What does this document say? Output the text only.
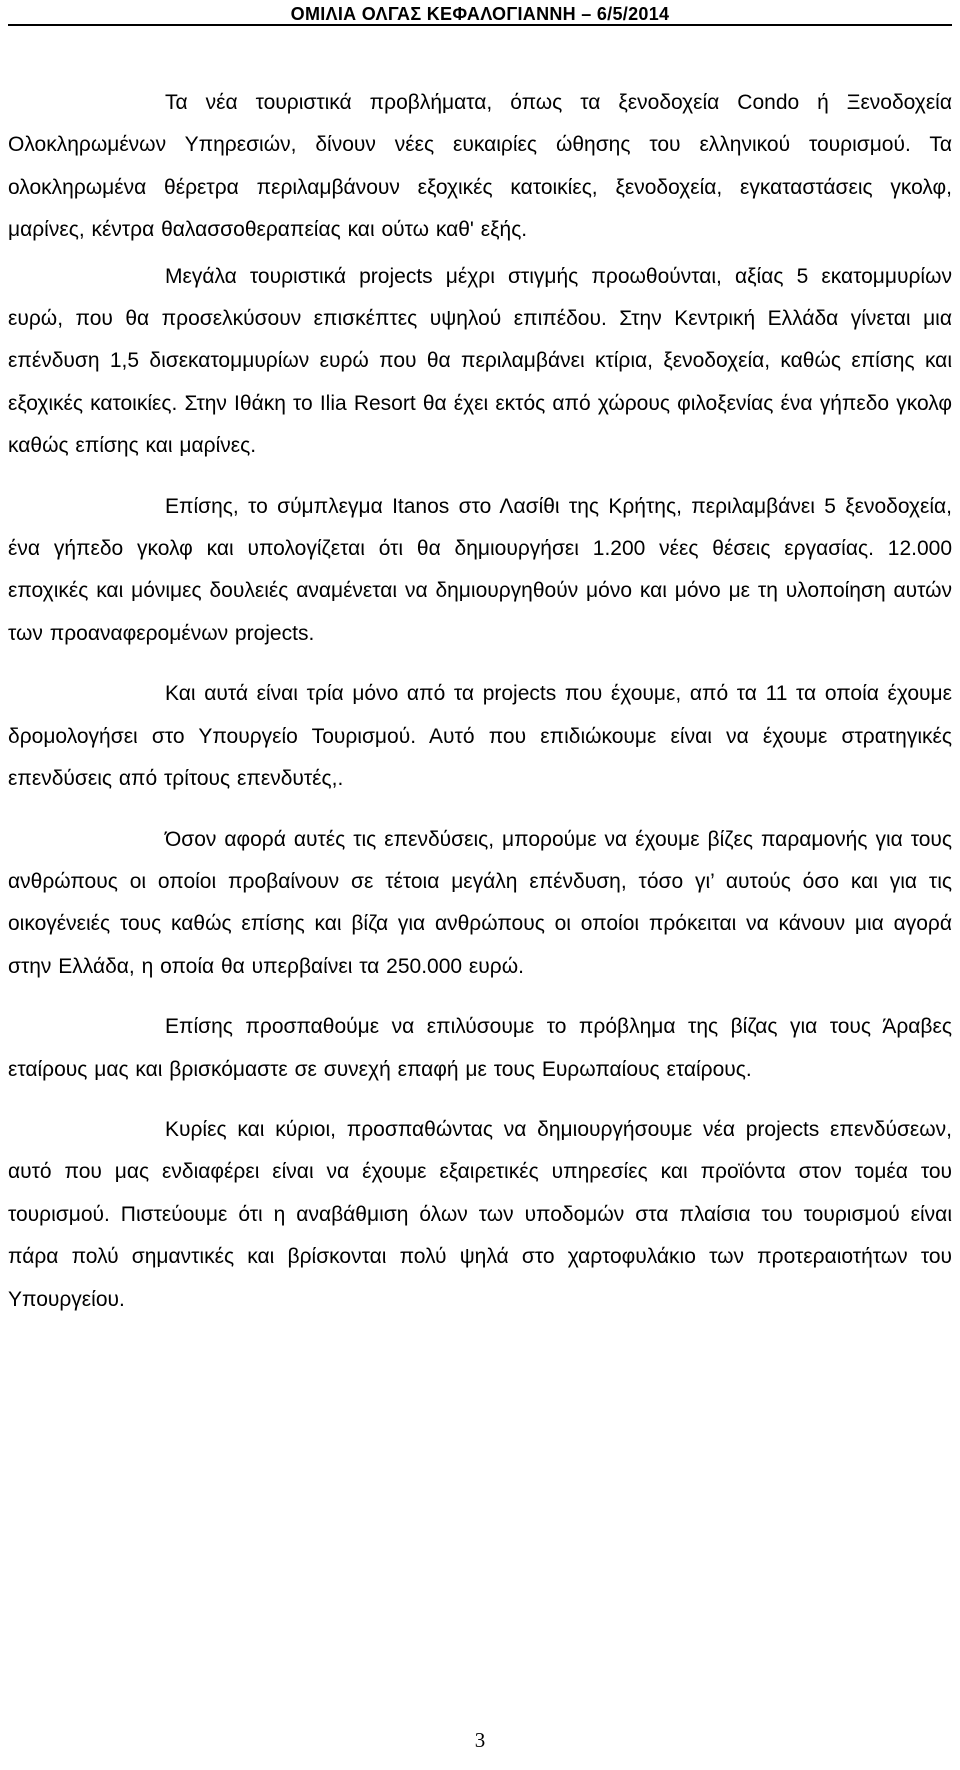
ΟΜΙΛΙΑ ΟΛΓΑΣ ΚΕΦΑΛΟΓΙΑΝΝΗ – 6/5/2014

Τα νέα τουριστικά προβλήματα, όπως τα ξενοδοχεία Condo ή Ξενοδοχεία Ολοκληρωμένων Υπηρεσιών, δίνουν νέες ευκαιρίες ώθησης του ελληνικού τουρισμού. Τα ολοκληρωμένα θέρετρα περιλαμβάνουν εξοχικές κατοικίες, ξενοδοχεία, εγκαταστάσεις γκολφ, μαρίνες, κέντρα θαλασσοθεραπείας και ούτω καθ' εξής.

Μεγάλα τουριστικά projects μέχρι στιγμής προωθούνται, αξίας 5 εκατομμυρίων ευρώ, που θα προσελκύσουν επισκέπτες υψηλού επιπέδου. Στην Κεντρική Ελλάδα γίνεται μια επένδυση 1,5 δισεκατομμυρίων ευρώ που θα περιλαμβάνει κτίρια, ξενοδοχεία, καθώς επίσης και εξοχικές κατοικίες. Στην Ιθάκη το Ilia Resort θα έχει εκτός από χώρους φιλοξενίας ένα γήπεδο γκολφ καθώς επίσης και μαρίνες.

Επίσης, το σύμπλεγμα Itanos στο Λασίθι της Κρήτης, περιλαμβάνει 5 ξενοδοχεία, ένα γήπεδο γκολφ και υπολογίζεται ότι θα δημιουργήσει 1.200 νέες θέσεις εργασίας. 12.000 εποχικές και μόνιμες δουλειές αναμένεται να δημιουργηθούν μόνο και μόνο με τη υλοποίηση αυτών των προαναφερομένων projects.

Και αυτά είναι τρία μόνο από τα projects που έχουμε, από τα 11 τα οποία έχουμε δρομολογήσει στο Υπουργείο Τουρισμού. Αυτό που επιδιώκουμε είναι να έχουμε στρατηγικές επενδύσεις από τρίτους επενδυτές,.

Όσον αφορά αυτές τις επενδύσεις, μπορούμε να έχουμε βίζες παραμονής για τους ανθρώπους οι οποίοι προβαίνουν σε τέτοια μεγάλη επένδυση, τόσο γι’ αυτούς όσο και για τις οικογένειές τους καθώς επίσης και βίζα για ανθρώπους οι οποίοι πρόκειται να κάνουν μια αγορά στην Ελλάδα, η οποία θα υπερβαίνει τα 250.000 ευρώ.

Επίσης προσπαθούμε να επιλύσουμε το πρόβλημα της βίζας για τους Άραβες εταίρους μας και βρισκόμαστε σε συνεχή επαφή με τους Ευρωπαίους εταίρους.

Κυρίες και κύριοι, προσπαθώντας να δημιουργήσουμε νέα projects επενδύσεων, αυτό που μας ενδιαφέρει είναι να έχουμε εξαιρετικές υπηρεσίες και προϊόντα στον τομέα του τουρισμού. Πιστεύουμε ότι η αναβάθμιση όλων των υποδομών στα πλαίσια του τουρισμού είναι πάρα πολύ σημαντικές και βρίσκονται πολύ ψηλά στο χαρτοφυλάκιο των προτεραιοτήτων του Υπουργείου.

3
